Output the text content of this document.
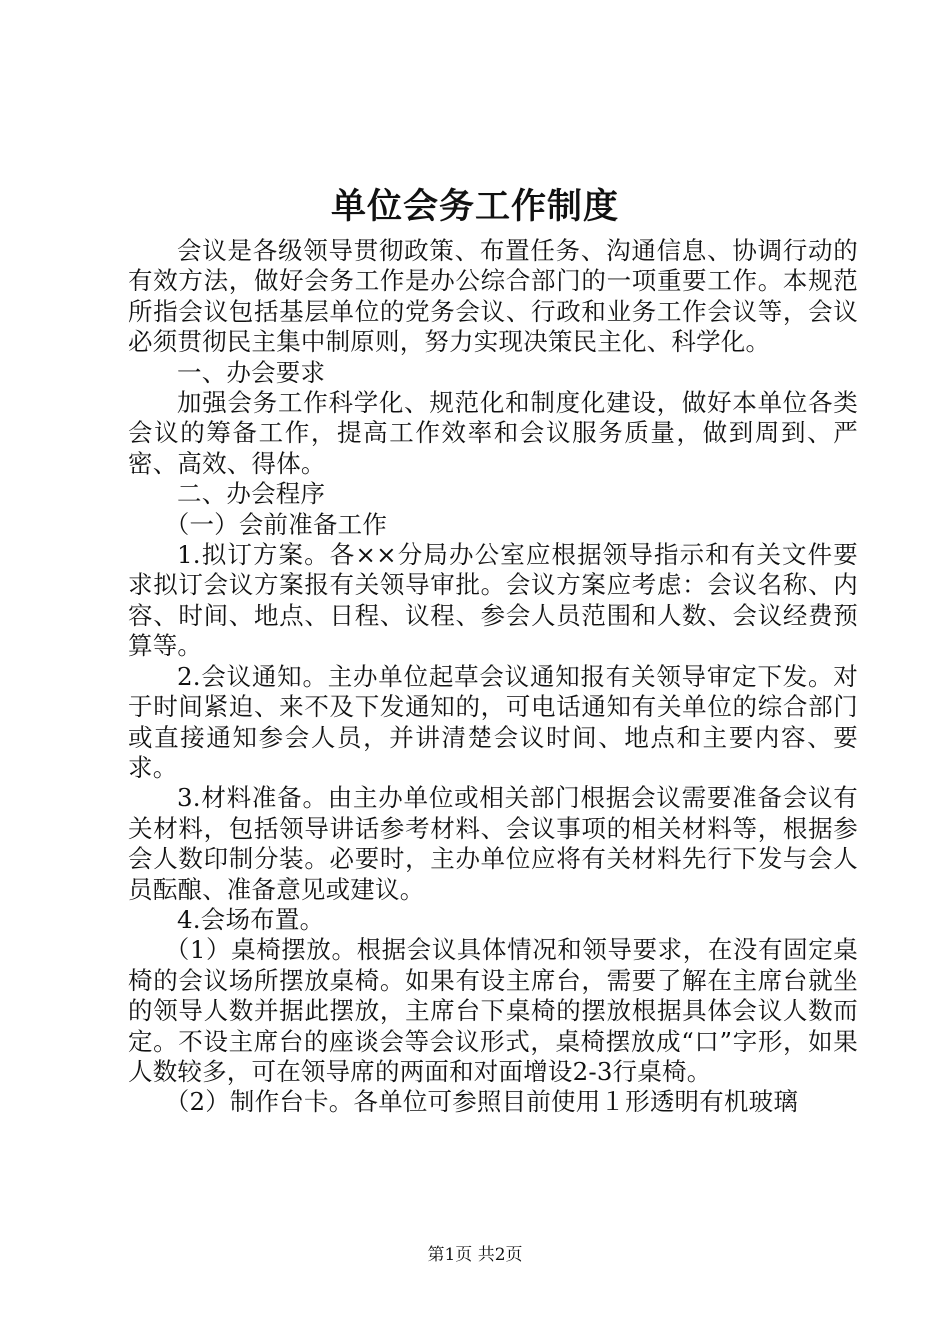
单位会务工作制度

会议是各级领导贯彻政策、布置任务、沟通信息、协调行动的有效方法，做好会务工作是办公综合部门的一项重要工作。本规范所指会议包括基层单位的党务会议、行政和业务工作会议等，会议必须贯彻民主集中制原则，努力实现决策民主化、科学化。

一、办会要求

加强会务工作科学化、规范化和制度化建设，做好本单位各类会议的筹备工作，提高工作效率和会议服务质量，做到周到、严密、高效、得体。

二、办会程序

（一）会前准备工作

1.拟订方案。各××分局办公室应根据领导指示和有关文件要求拟订会议方案报有关领导审批。会议方案应考虑：会议名称、内容、时间、地点、日程、议程、参会人员范围和人数、会议经费预算等。

2.会议通知。主办单位起草会议通知报有关领导审定下发。对于时间紧迫、来不及下发通知的，可电话通知有关单位的综合部门或直接通知参会人员，并讲清楚会议时间、地点和主要内容、要求。

3.材料准备。由主办单位或相关部门根据会议需要准备会议有关材料，包括领导讲话参考材料、会议事项的相关材料等，根据参会人数印制分装。必要时，主办单位应将有关材料先行下发与会人员酝酿、准备意见或建议。

4.会场布置。

（1）桌椅摆放。根据会议具体情况和领导要求，在没有固定桌椅的会议场所摆放桌椅。如果有设主席台，需要了解在主席台就坐的领导人数并据此摆放，主席台下桌椅的摆放根据具体会议人数而定。不设主席台的座谈会等会议形式，桌椅摆放成“口”字形，如果人数较多，可在领导席的两面和对面增设2-3行桌椅。

（2）制作台卡。各单位可参照目前使用１形透明有机玻璃

第1页 共2页
